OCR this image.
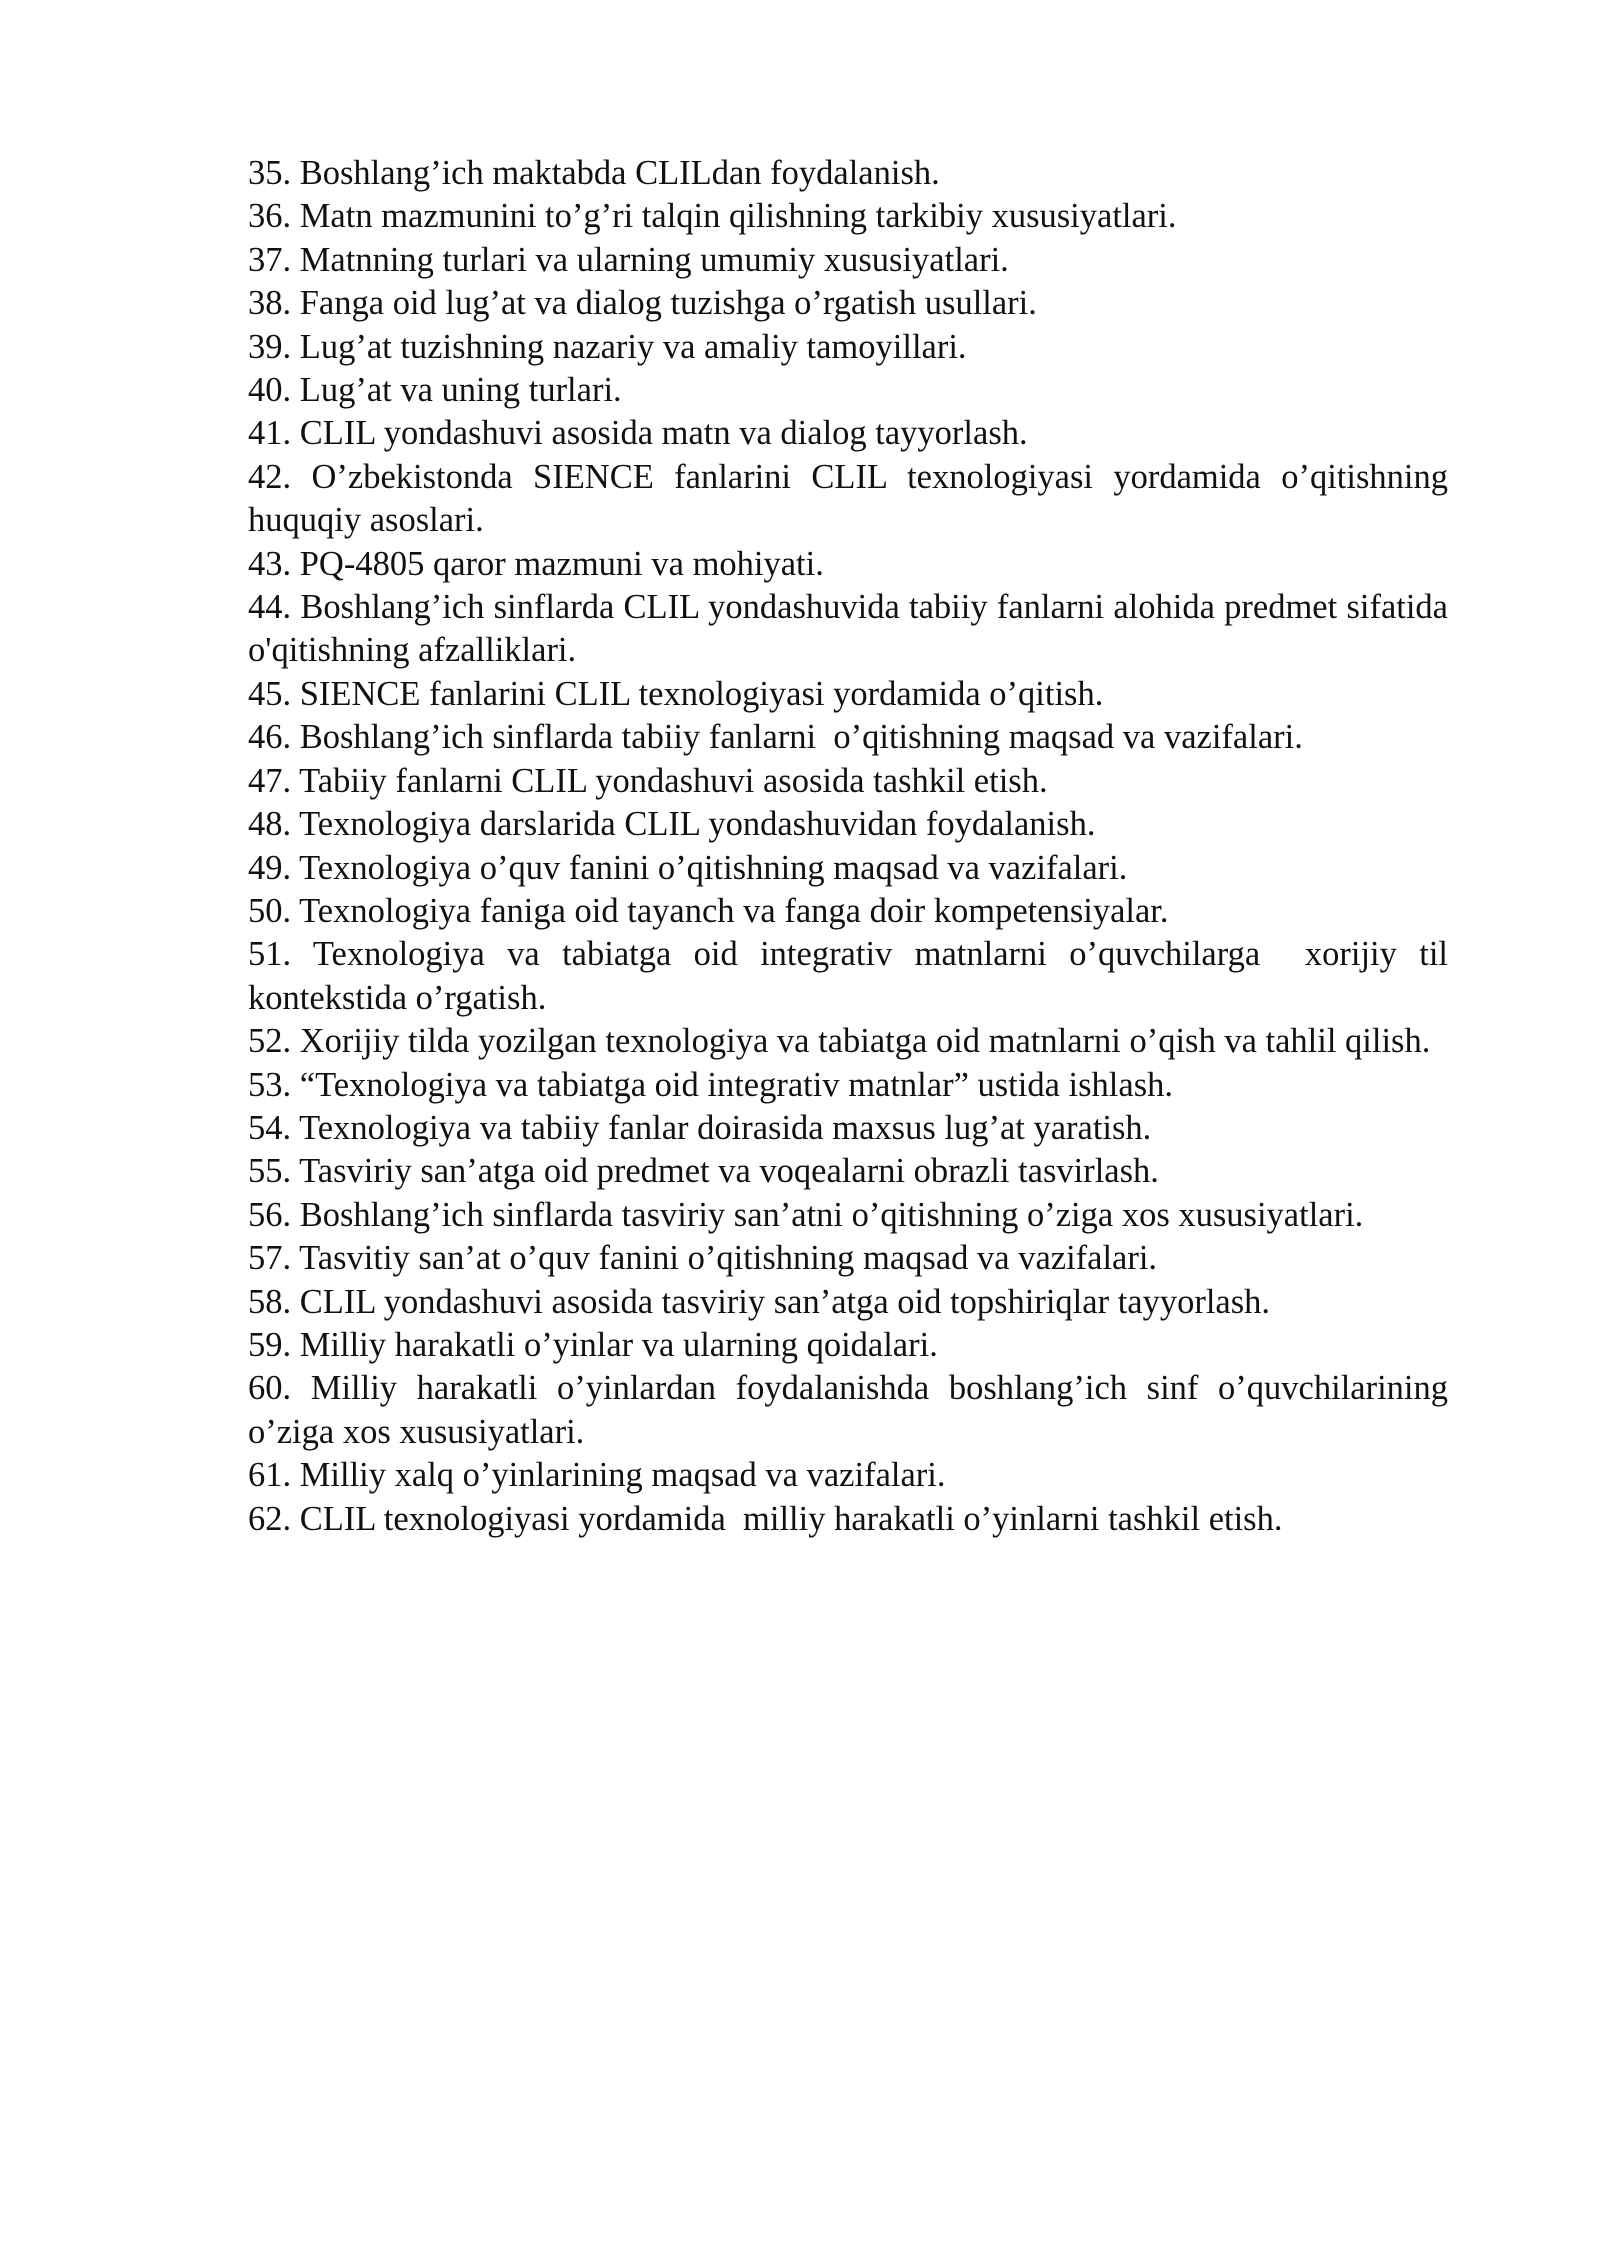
35. Boshlang’ich maktabda CLILdan foydalanish.

36. Matn mazmunini to’g’ri talqin qilishning tarkibiy xususiyatlari.

37. Matnning turlari va ularning umumiy xususiyatlari.

38. Fanga oid lug’at va dialog tuzishga o’rgatish usullari.

39. Lug’at tuzishning nazariy va amaliy tamoyillari.

40. Lug’at va uning turlari.

41. CLIL yondashuvi asosida matn va dialog tayyorlash.

42. O’zbekistonda SIENCE fanlarini CLIL texnologiyasi yordamida o’qitishning huquqiy asoslari.

43. PQ-4805 qaror mazmuni va mohiyati.

44. Boshlang’ich sinflarda CLIL yondashuvida tabiiy fanlarni alohida predmet sifatida o'qitishning afzalliklari.

45. SIENCE fanlarini CLIL texnologiyasi yordamida o’qitish.

46. Boshlang’ich sinflarda tabiiy fanlarni  o’qitishning maqsad va vazifalari.

47. Tabiiy fanlarni CLIL yondashuvi asosida tashkil etish.

48. Texnologiya darslarida CLIL yondashuvidan foydalanish.

49. Texnologiya o’quv fanini o’qitishning maqsad va vazifalari.

50. Texnologiya faniga oid tayanch va fanga doir kompetensiyalar.

51. Texnologiya va tabiatga oid integrativ matnlarni o’quvchilarga  xorijiy til kontekstida o’rgatish.

52. Xorijiy tilda yozilgan texnologiya va tabiatga oid matnlarni o’qish va tahlil qilish.

53. “Texnologiya va tabiatga oid integrativ matnlar” ustida ishlash.

54. Texnologiya va tabiiy fanlar doirasida maxsus lug’at yaratish.

55. Tasviriy san’atga oid predmet va voqealarni obrazli tasvirlash.

56. Boshlang’ich sinflarda tasviriy san’atni o’qitishning o’ziga xos xususiyatlari.

57. Tasvitiy san’at o’quv fanini o’qitishning maqsad va vazifalari.

58. CLIL yondashuvi asosida tasviriy san’atga oid topshiriqlar tayyorlash.

59. Milliy harakatli o’yinlar va ularning qoidalari.

60. Milliy harakatli o’yinlardan foydalanishda boshlang’ich sinf o’quvchilarining o’ziga xos xususiyatlari.

61. Milliy xalq o’yinlarining maqsad va vazifalari.

62. CLIL texnologiyasi yordamida  milliy harakatli o’yinlarni tashkil etish.
